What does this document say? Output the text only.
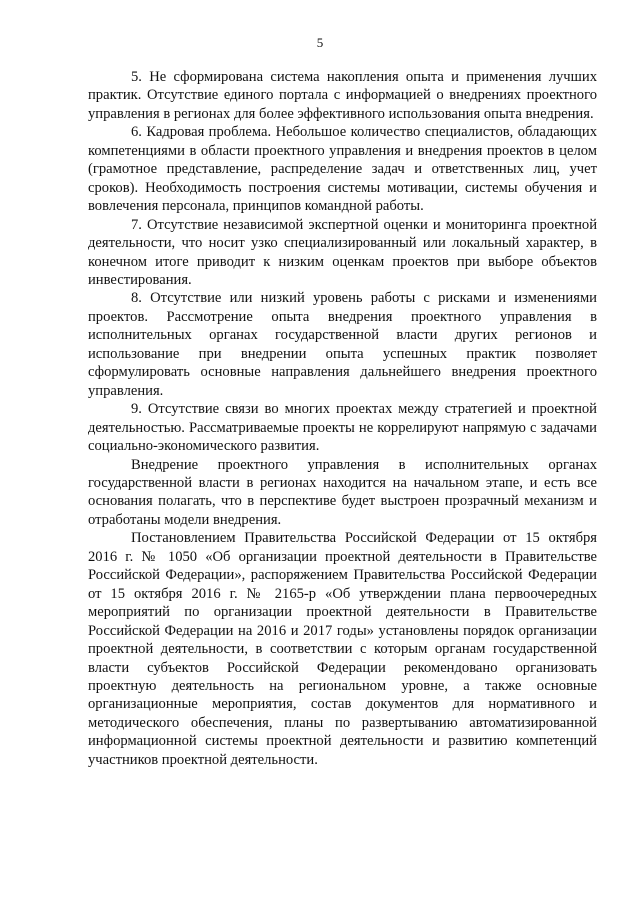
5

5. Не сформирована система накопления опыта и применения лучших практик. Отсутствие единого портала с информацией о внедрениях проектного управления в регионах для более эффективного использования опыта внедрения.

6. Кадровая проблема. Небольшое количество специалистов, обладающих компетенциями в области проектного управления и внедрения проектов в целом (грамотное представление, распределение задач и ответственных лиц, учет сроков). Необходимость построения системы мотивации, системы обучения и вовлечения персонала, принципов командной работы.

7. Отсутствие независимой экспертной оценки и мониторинга проектной деятельности, что носит узко специализированный или локальный характер, в конечном итоге приводит к низким оценкам проектов при выборе объектов инвестирования.

8. Отсутствие или низкий уровень работы с рисками и изменениями проектов. Рассмотрение опыта внедрения проектного управления в исполнительных органах государственной власти других регионов и использование при внедрении опыта успешных практик позволяет сформулировать основные направления дальнейшего внедрения проектного управления.

9. Отсутствие связи во многих проектах между стратегией и проектной деятельностью. Рассматриваемые проекты не коррелируют напрямую с задачами социально-экономического развития.

Внедрение проектного управления в исполнительных органах государственной власти в регионах находится на начальном этапе, и есть все основания полагать, что в перспективе будет выстроен прозрачный механизм и отработаны модели внедрения.

Постановлением Правительства Российской Федерации от 15 октября 2016 г. № 1050 «Об организации проектной деятельности в Правительстве Российской Федерации», распоряжением Правительства Российской Федерации от 15 октября 2016 г. № 2165-р «Об утверждении плана первоочередных мероприятий по организации проектной деятельности в Правительстве Российской Федерации на 2016 и 2017 годы» установлены порядок организации проектной деятельности, в соответствии с которым органам государственной власти субъектов Российской Федерации рекомендовано организовать проектную деятельность на региональном уровне, а также основные организационные мероприятия, состав документов для нормативного и методического обеспечения, планы по развертыванию автоматизированной информационной системы проектной деятельности и развитию компетенций участников проектной деятельности.
